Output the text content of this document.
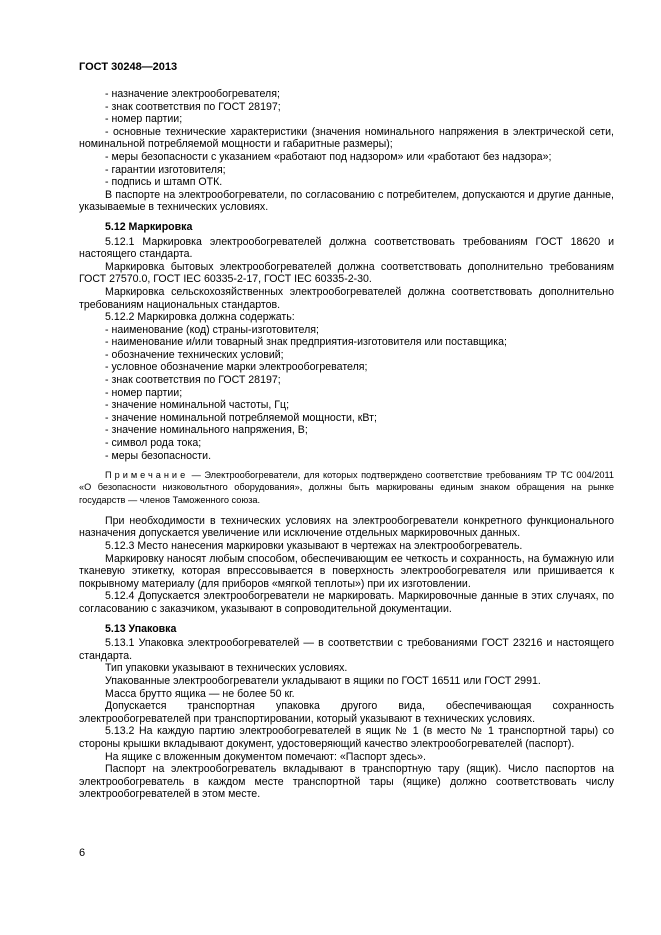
ГОСТ 30248—2013

- назначение электрообогревателя;

- знак соответствия по ГОСТ 28197;

- номер партии;

- основные технические характеристики (значения номинального напряжения в электрической сети, номинальной потребляемой мощности и габаритные размеры);

- меры безопасности с указанием «работают под надзором» или «работают без надзора»;

- гарантии изготовителя;

- подпись и штамп ОТК.

В паспорте на электрообогреватели, по согласованию с потребителем, допускаются и другие данные, указываемые в технических условиях.

5.12 Маркировка

5.12.1 Маркировка электрообогревателей должна соответствовать требованиям ГОСТ 18620 и настоящего стандарта.

Маркировка бытовых электрообогревателей должна соответствовать дополнительно требованиям ГОСТ 27570.0, ГОСТ IEC 60335-2-17, ГОСТ IEC 60335-2-30.

Маркировка сельскохозяйственных электрообогревателей должна соответствовать дополнительно требованиям национальных стандартов.

5.12.2 Маркировка должна содержать:

- наименование (код) страны-изготовителя;

- наименование и/или товарный знак предприятия-изготовителя или поставщика;

- обозначение технических условий;

- условное обозначение марки электрообогревателя;

- знак соответствия по ГОСТ 28197;

- номер партии;

- значение номинальной частоты, Гц;

- значение номинальной потребляемой мощности, кВт;

- значение номинального напряжения, В;

- символ рода тока;

- меры безопасности.

Примечание — Электрообогреватели, для которых подтверждено соответствие требованиям ТР ТС 004/2011 «О безопасности низковольтного оборудования», должны быть маркированы единым знаком обращения на рынке государств — членов Таможенного союза.

При необходимости в технических условиях на электрообогреватели конкретного функционального назначения допускается увеличение или исключение отдельных маркировочных данных.

5.12.3 Место нанесения маркировки указывают в чертежах на электрообогреватель.

Маркировку наносят любым способом, обеспечивающим ее четкость и сохранность, на бумажную или тканевую этикетку, которая впрессовывается в поверхность электрообогревателя или пришивается к покрывному материалу (для приборов «мягкой теплоты») при их изготовлении.

5.12.4 Допускается электрообогреватели не маркировать. Маркировочные данные в этих случаях, по согласованию с заказчиком, указывают в сопроводительной документации.

5.13 Упаковка

5.13.1 Упаковка электрообогревателей — в соответствии с требованиями ГОСТ 23216 и настоящего стандарта.

Тип упаковки указывают в технических условиях.

Упакованные электрообогреватели укладывают в ящики по ГОСТ 16511 или ГОСТ 2991.

Масса брутто ящика — не более 50 кг.

Допускается транспортная упаковка другого вида, обеспечивающая сохранность электрообогревателей при транспортировании, который указывают в технических условиях.

5.13.2 На каждую партию электрообогревателей в ящик № 1 (в место № 1 транспортной тары) со стороны крышки вкладывают документ, удостоверяющий качество электрообогревателей (паспорт).

На ящике с вложенным документом помечают: «Паспорт здесь».

Паспорт на электрообогреватель вкладывают в транспортную тару (ящик). Число паспортов на электрообогреватель в каждом месте транспортной тары (ящике) должно соответствовать числу электрообогревателей в этом месте.

6
